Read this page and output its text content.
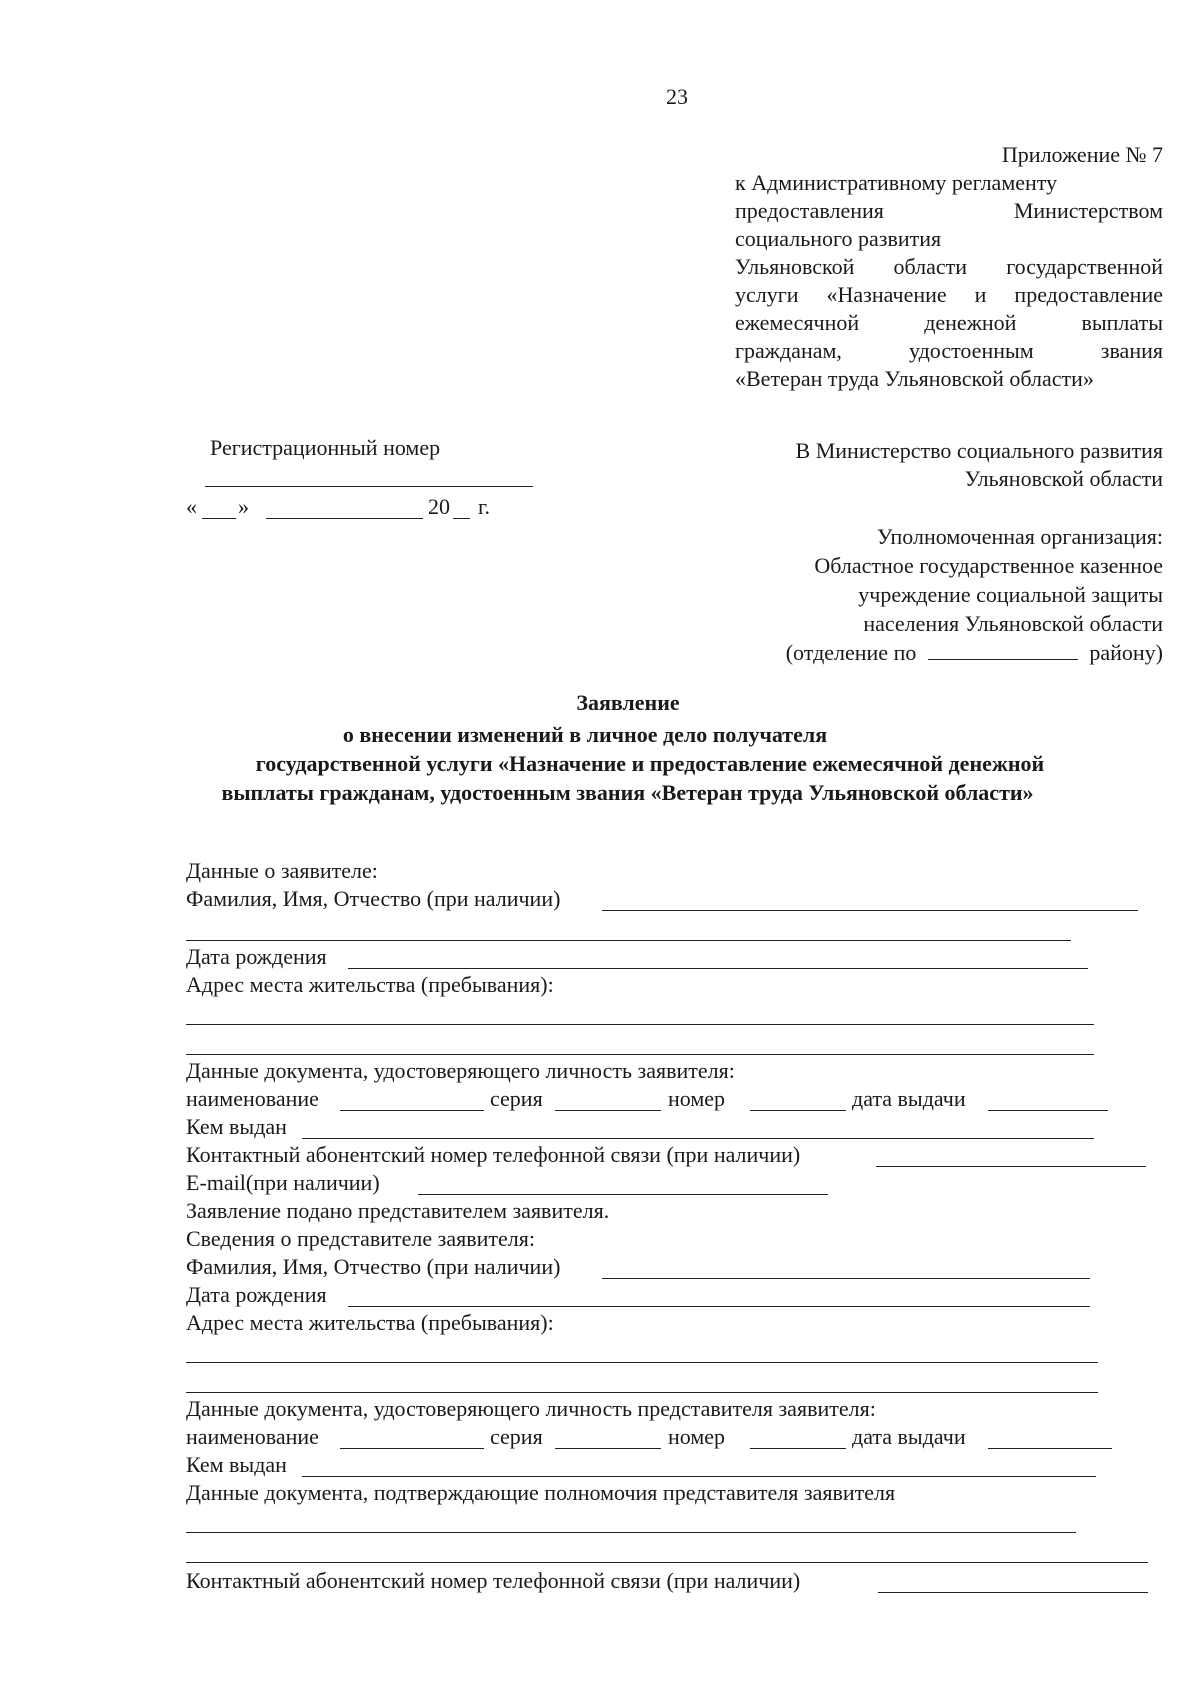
23
Приложение № 7
к Административному регламенту
предоставления	Министерством
социального развития
Ульяновской области государственной
услуги «Назначение и предоставление
ежемесячной	денежной	выплаты
гражданам,	удостоенным	звания
«Ветеран труда Ульяновской области»
Регистрационный номер
« »	20 г.
В Министерство социального развития
Ульяновской области
Уполномоченная организация:
Областное государственное казенное
учреждение социальной защиты
населения Ульяновской области
(отделение по	району)
Заявление
о внесении изменений в личное дело получателя
государственной услуги «Назначение и предоставление ежемесячной денежной
выплаты гражданам, удостоенным звания «Ветеран труда Ульяновской области»
Данные о заявителе:
Фамилия, Имя, Отчество (при наличии)
Дата рождения
Адрес места жительства (пребывания):
Данные документа, удостоверяющего личность заявителя:
наименование	серия	номер	дата выдачи
Кем выдан
Контактный абонентский номер телефонной связи (при наличии)
E-mail(при наличии)
Заявление подано представителем заявителя.
Сведения о представителе заявителя:
Фамилия, Имя, Отчество (при наличии)
Дата рождения
Адрес места жительства (пребывания):
Данные документа, удостоверяющего личность представителя заявителя:
наименование	серия	номер	дата выдачи
Кем выдан
Данные документа, подтверждающие полномочия представителя заявителя
Контактный абонентский номер телефонной связи (при наличии)
